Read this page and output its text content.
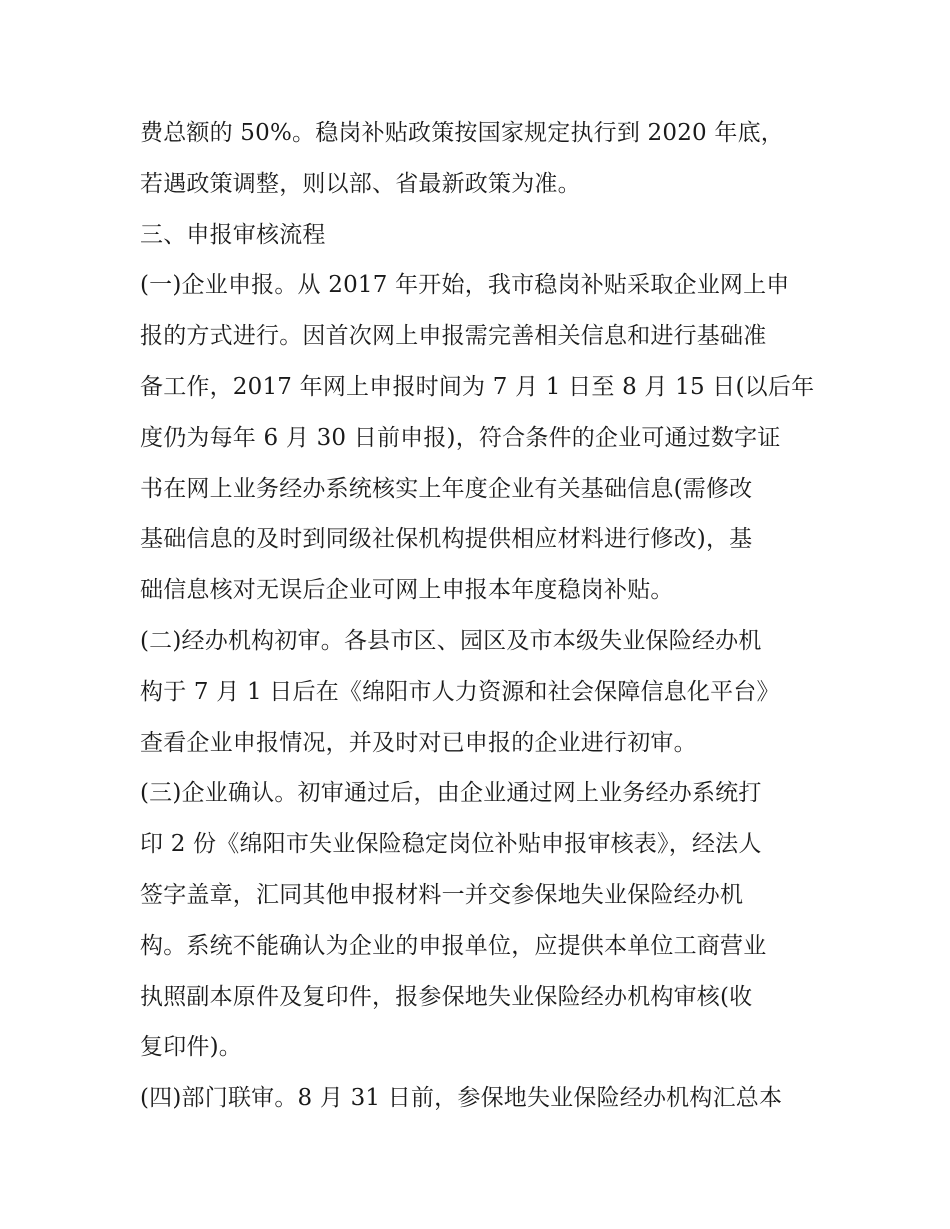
费总额的 50%。稳岗补贴政策按国家规定执行到 2020 年底，
若遇政策调整，则以部、省最新政策为准。
三、申报审核流程
(一)企业申报。从 2017 年开始，我市稳岗补贴采取企业网上申
报的方式进行。因首次网上申报需完善相关信息和进行基础准
备工作，2017 年网上申报时间为 7 月 1 日至 8 月 15 日(以后年
度仍为每年 6 月 30 日前申报)，符合条件的企业可通过数字证
书在网上业务经办系统核实上年度企业有关基础信息(需修改
基础信息的及时到同级社保机构提供相应材料进行修改)，基
础信息核对无误后企业可网上申报本年度稳岗补贴。
(二)经办机构初审。各县市区、园区及市本级失业保险经办机
构于 7 月 1 日后在《绵阳市人力资源和社会保障信息化平台》
查看企业申报情况，并及时对已申报的企业进行初审。
(三)企业确认。初审通过后，由企业通过网上业务经办系统打
印 2 份《绵阳市失业保险稳定岗位补贴申报审核表》，经法人
签字盖章，汇同其他申报材料一并交参保地失业保险经办机
构。系统不能确认为企业的申报单位，应提供本单位工商营业
执照副本原件及复印件，报参保地失业保险经办机构审核(收
复印件)。
(四)部门联审。8 月 31 日前，参保地失业保险经办机构汇总本
